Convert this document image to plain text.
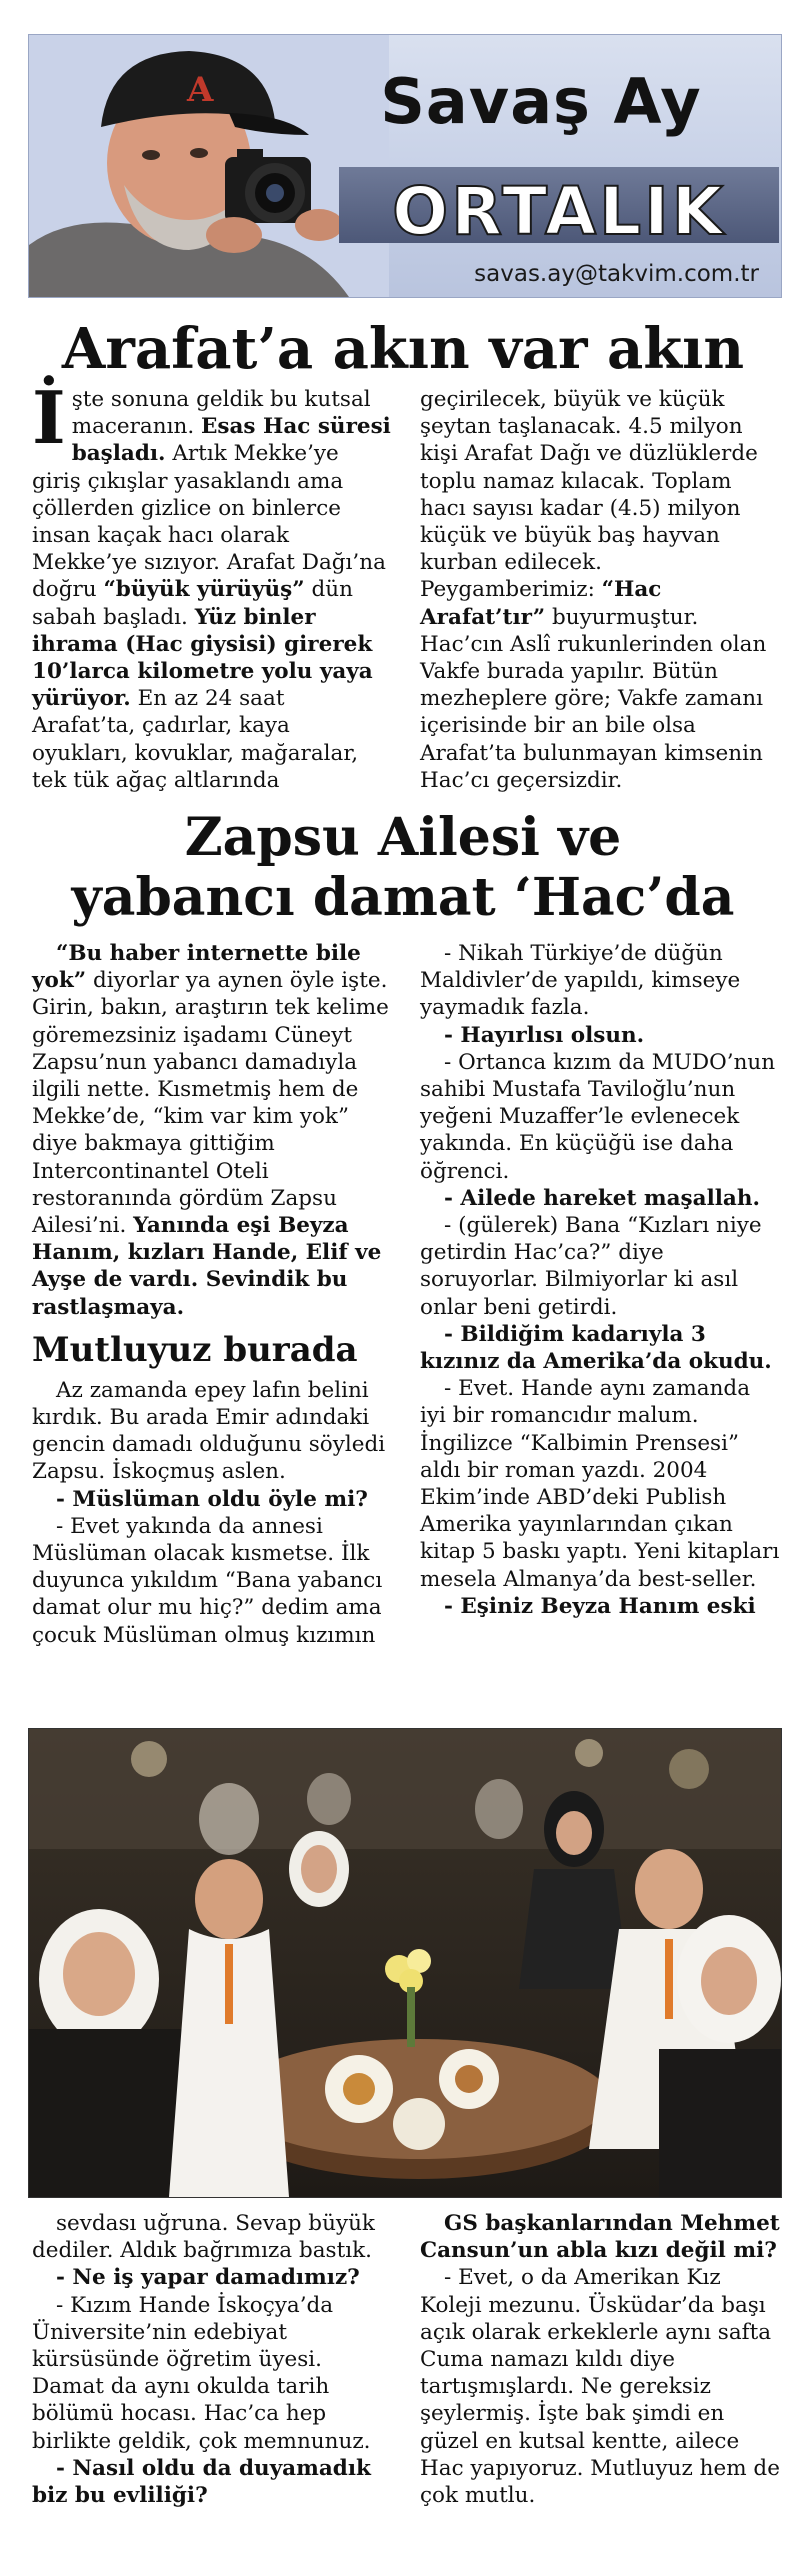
A	Savaş Ay
ORTALIK
savas.ay@takvim.com.tr
Arafat’a akın var akın

İşte sonuna geldik bu kutsal maceranın. Esas Hac süresi başladı. Artık Mekke’ye giriş çıkışlar yasaklandı ama çöllerden gizlice on binlerce insan kaçak hacı olarak Mekke’ye sızıyor. Arafat Dağı’na doğru “büyük yürüyüş” dün sabah başladı. Yüz binler ihrama (Hac giysisi) girerek 10’larca kilometre yolu yaya yürüyor. En az 24 saat Arafat’ta, çadırlar, kaya oyukları, kovuklar, mağaralar, tek tük ağaç altlarında

geçirilecek, büyük ve küçük şeytan taşlanacak. 4.5 milyon kişi Arafat Dağı ve düzlüklerde toplu namaz kılacak. Toplam hacı sayısı kadar (4.5) milyon küçük ve büyük baş hayvan kurban edilecek. Peygamberimiz: “Hac Arafat’tır” buyurmuştur. Hac’cın Aslî rukunlerinden olan Vakfe burada yapılır. Bütün mezheplere göre; Vakfe zamanı içerisinde bir an bile olsa Arafat’ta bulunmayan kimsenin Hac’cı geçersizdir.

Zapsu Ailesi ve
yabancı damat ‘Hac’da

“Bu haber internette bile yok” diyorlar ya aynen öyle işte. Girin, bakın, araştırın tek kelime göremezsiniz işadamı Cüneyt Zapsu’nun yabancı damadıyla ilgili nette. Kısmetmiş hem de Mekke’de, “kim var kim yok” diye bakmaya gittiğim Intercontinantel Oteli restoranında gördüm Zapsu Ailesi’ni. Yanında eşi Beyza Hanım, kızları Hande, Elif ve Ayşe de vardı. Sevindik bu rastlaşmaya.

Mutluyuz burada

Az zamanda epey lafın belini kırdık. Bu arada Emir adındaki gencin damadı olduğunu söyledi Zapsu. İskoçmuş aslen.

- Müslüman oldu öyle mi?

- Evet yakında da annesi Müslüman olacak kısmetse. İlk duyunca yıkıldım “Bana yabancı damat olur mu hiç?” dedim ama çocuk Müslüman olmuş kızımın

- Nikah Türkiye’de düğün Maldivler’de yapıldı, kimseye yaymadık fazla.

- Hayırlısı olsun.

- Ortanca kızım da MUDO’nun sahibi Mustafa Taviloğlu’nun yeğeni Muzaffer’le evlenecek yakında. En küçüğü ise daha öğrenci.

- Ailede hareket maşallah.

- (gülerek) Bana “Kızları niye getirdin Hac’ca?” diye soruyorlar. Bilmiyorlar ki asıl onlar beni getirdi.

- Bildiğim kadarıyla 3 kızınız da Amerika’da okudu.

- Evet. Hande aynı zamanda iyi bir romancıdır malum. İngilizce “Kalbimin Prensesi” aldı bir roman yazdı. 2004 Ekim’inde ABD’deki Publish Amerika yayınlarından çıkan kitap 5 baskı yaptı. Yeni kitapları mesela Almanya’da best-seller.

- Eşiniz Beyza Hanım eski

sevdası uğruna. Sevap büyük dediler. Aldık bağrımıza bastık.

- Ne iş yapar damadımız?

- Kızım Hande İskoçya’da Üniversite’nin edebiyat kürsüsünde öğretim üyesi. Damat da aynı okulda tarih bölümü hocası. Hac’ca hep birlikte geldik, çok memnunuz.

- Nasıl oldu da duyamadık biz bu evliliği?

GS başkanlarından Mehmet Cansun’un abla kızı değil mi?

- Evet, o da Amerikan Kız Koleji mezunu. Üsküdar’da başı açık olarak erkeklerle aynı safta Cuma namazı kıldı diye tartışmışlardı. Ne gereksiz şeylermiş. İşte bak şimdi en güzel en kutsal kentte, ailece Hac yapıyoruz. Mutluyuz hem de çok mutlu.
